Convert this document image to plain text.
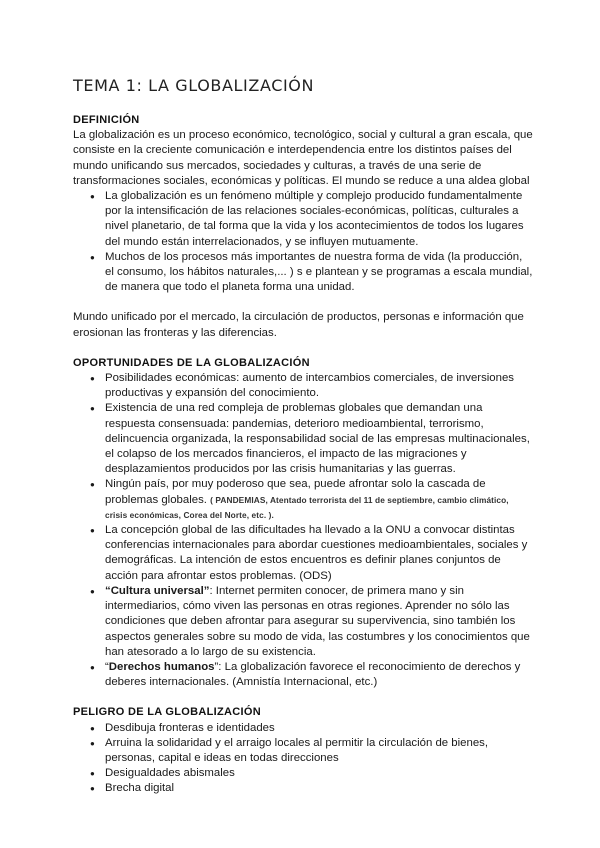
TEMA 1: LA GLOBALIZACIÓN
DEFINICIÓN

La globalización es un proceso económico, tecnológico, social y cultural a gran escala, que consiste en la creciente comunicación e interdependencia entre los distintos países del mundo unificando sus mercados, sociedades y culturas, a través de una serie de transformaciones sociales, económicas y políticas. El mundo se reduce a una aldea global

● La globalización es un fenómeno múltiple y complejo producido fundamentalmente por la intensificación de las relaciones sociales-económicas, políticas, culturales a nivel planetario, de tal forma que la vida y los acontecimientos de todos los lugares del mundo están interrelacionados, y se influyen mutuamente.
● Muchos de los procesos más importantes de nuestra forma de vida (la producción, el consumo, los hábitos naturales,... ) s e plantean y se programas a escala mundial, de manera que todo el planeta forma una unidad.

Mundo unificado por el mercado, la circulación de productos, personas e información que erosionan las fronteras y las diferencias.

OPORTUNIDADES DE LA GLOBALIZACIÓN
● Posibilidades económicas: aumento de intercambios comerciales, de inversiones productivas y expansión del conocimiento.
● Existencia de una red compleja de problemas globales que demandan una respuesta consensuada: pandemias, deterioro medioambiental, terrorismo, delincuencia organizada, la responsabilidad social de las empresas multinacionales, el colapso de los mercados financieros, el impacto de las migraciones y desplazamientos producidos por las crisis humanitarias y las guerras.
● Ningún país, por muy poderoso que sea, puede afrontar solo la cascada de problemas globales. ( PANDEMIAS, Atentado terrorista del 11 de septiembre, cambio climático, crisis económicas, Corea del Norte, etc. ).
● La concepción global de las dificultades ha llevado a la ONU a convocar distintas conferencias internacionales para abordar cuestiones medioambientales, sociales y demográficas. La intención de estos encuentros es definir planes conjuntos de acción para afrontar estos problemas. (ODS)
● “Cultura universal”: Internet permiten conocer, de primera mano y sin intermediarios, cómo viven las personas en otras regiones. Aprender no sólo las condiciones que deben afrontar para asegurar su supervivencia, sino también los aspectos generales sobre su modo de vida, las costumbres y los conocimientos que han atesorado a lo largo de su existencia.
● “Derechos humanos”: La globalización favorece el reconocimiento de derechos y deberes internacionales. (Amnistía Internacional, etc.)
PELIGRO DE LA GLOBALIZACIÓN
● Desdibuja fronteras e identidades
● Arruina la solidaridad y el arraigo locales al permitir la circulación de bienes, personas, capital e ideas en todas direcciones
● Desigualdades abismales
● Brecha digital
